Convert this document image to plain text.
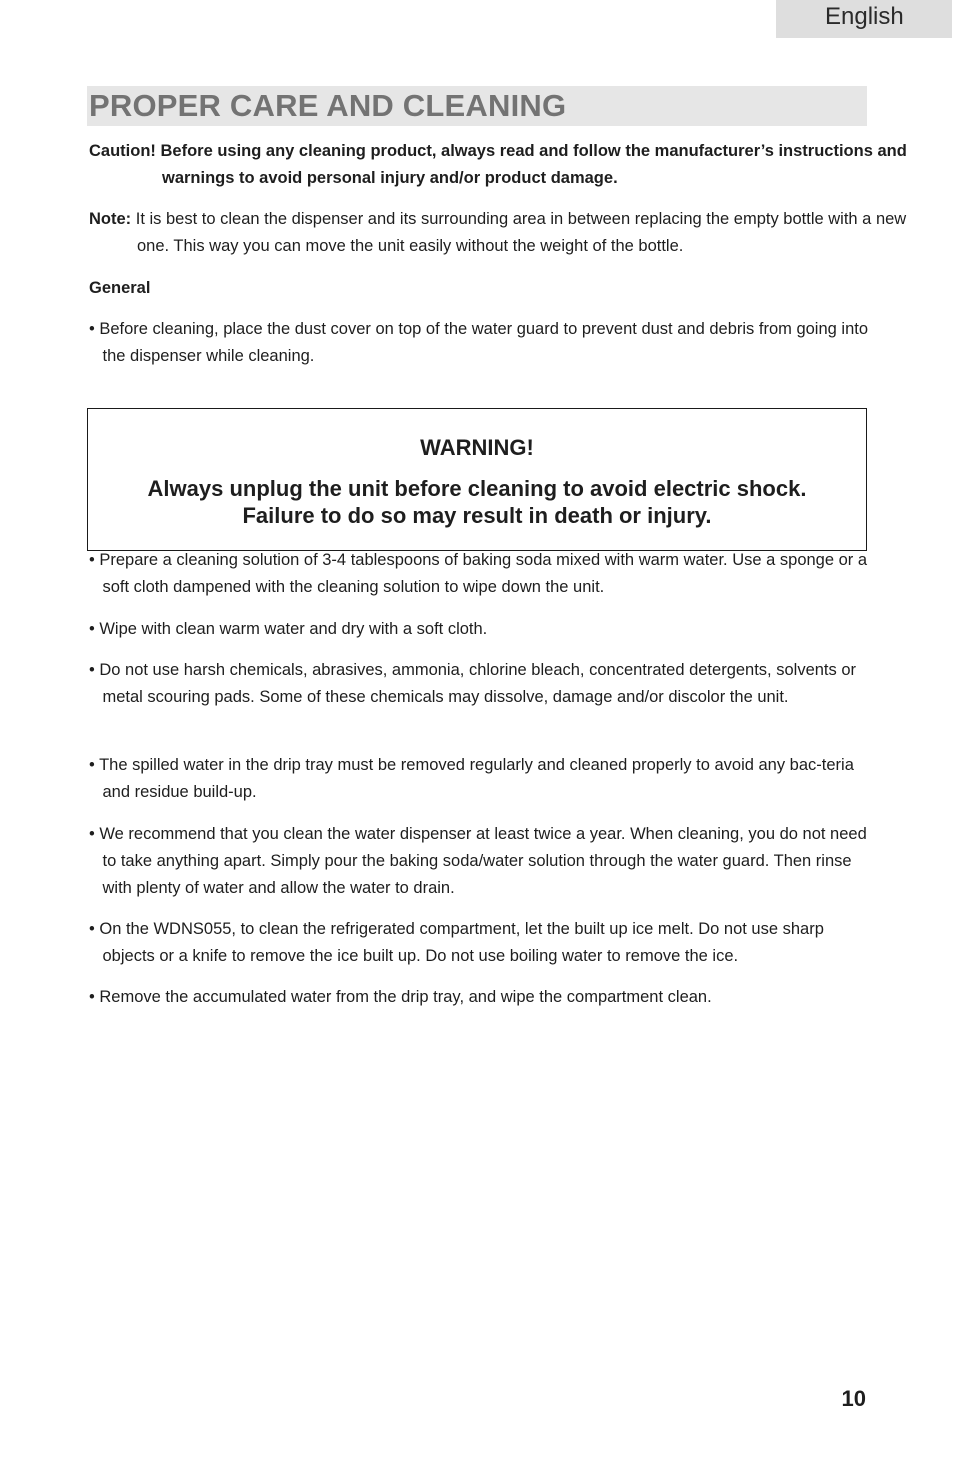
English
PROPER CARE AND CLEANING
Caution! Before using any cleaning product, always read and follow the manufacturer’s instructions and warnings to avoid personal injury and/or product damage.
Note: It is best to clean the dispenser and its surrounding area in between replacing the empty bottle with a new one. This way you can move the unit easily without the weight of the bottle.
General
• Before cleaning, place the dust cover on top of the water guard to prevent dust and debris from going into the dispenser while cleaning.
WARNING!
Always unplug the unit before cleaning to avoid electric shock.
Failure to do so may result in death or injury.
• Prepare a cleaning solution of 3-4 tablespoons of baking soda mixed with warm water. Use a sponge or a soft cloth dampened with the cleaning solution to wipe down the unit.
• Wipe with clean warm water and dry with a soft cloth.
• Do not use harsh chemicals, abrasives, ammonia, chlorine bleach, concentrated detergents, solvents or metal scouring pads. Some of these chemicals may dissolve, damage and/or discolor the unit.
• The spilled water in the drip tray must be removed regularly and cleaned properly to avoid any bac-teria and residue build-up.
• We recommend that you clean the water dispenser at least twice a year. When cleaning, you do not need to take anything apart. Simply pour the baking soda/water solution through the water guard. Then rinse with plenty of water and allow the water to drain.
• On the WDNS055, to clean the refrigerated compartment, let the built up ice melt. Do not use sharp objects or a knife to remove the ice built up. Do not use boiling water to remove the ice.
• Remove the accumulated water from the drip tray, and wipe the compartment clean.
10
